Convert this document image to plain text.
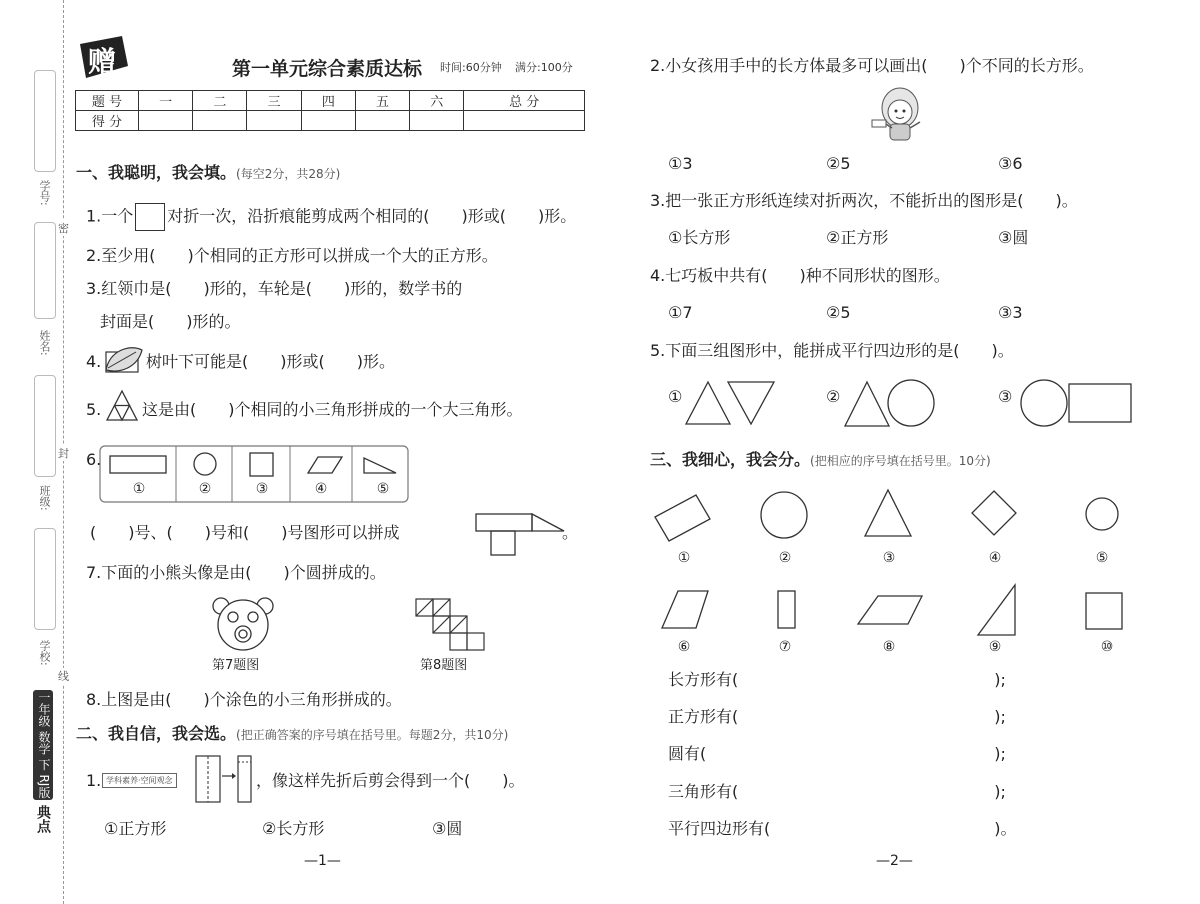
学号:
姓名:
班级:
学校:
密
封
线
一年级 数学 下 RJ版
典点
赠	第一单元综合素质达标 时间:60分钟 满分:100分
题 号	一	二	三	四	五	六	总 分
得 分							
一、我聪明，我会填。(每空2分，共28分)
1.一个 对折一次，沿折痕能剪成两个相同的(　　)形或(　　)形。
2.至少用(　　)个相同的正方形可以拼成一个大的正方形。
3.红领巾是(　　)形的，车轮是(　　)形的，数学书的
封面是(　　)形的。
4.	树叶下可能是(　　)形或(　　)形。
5.	这是由(　　)个相同的小三角形拼成的一个大三角形。
6.
①	②	③	④	⑤
(　　)号、(　　)号和(　　)号图形可以拼成	。
7.下面的小熊头像是由(　　)个圆拼成的。
第7题图	第8题图
8.上图是由(　　)个涂色的小三角形拼成的。
二、我自信，我会选。(把正确答案的序号填在括号里。每题2分，共10分)
1. 学科素养·空间观念	，像这样先折后剪会得到一个(　　)。
①正方形	②长方形	③圆
—1—
2.小女孩用手中的长方体最多可以画出(　　)个不同的长方形。
①3	②5	③6
3.把一张正方形纸连续对折两次，不能折出的图形是(　　)。
①长方形	②正方形	③圆
4.七巧板中共有(　　)种不同形状的图形。
①7	②5	③3
5.下面三组图形中，能拼成平行四边形的是(　　)。
①	②	③
三、我细心，我会分。(把相应的序号填在括号里。10分)
①	②	③	④	⑤
⑥	⑦	⑧	⑨	⑩
长方形有(　　　　　　　　　　　　　　　　);
正方形有(　　　　　　　　　　　　　　　　);
圆有(　　　　　　　　　　　　　　　　　　);
三角形有(　　　　　　　　　　　　　　　　);
平行四边形有(　　　　　　　　　　　　　　)。
—2—
